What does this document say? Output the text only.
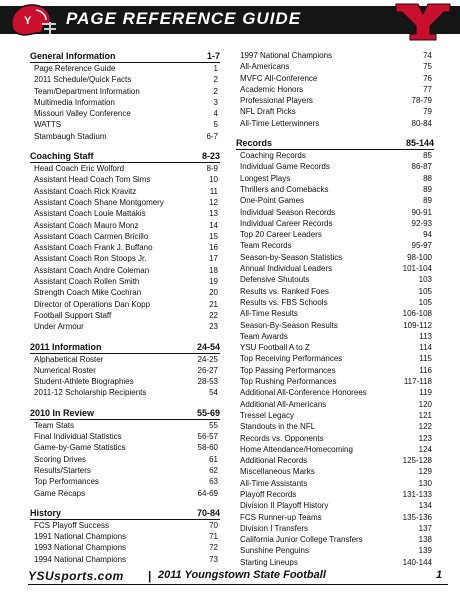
Y PAGE REFERENCE GUIDE
General Information	1-7
Page Reference Guide	1
2011 Schedule/Quick Facts	2
Team/Department Information	2
Multimedia Information	3
Missouri Valley Conference	4
WATTS	5
Stambaugh Stadium	6-7
Coaching Staff	8-23
Head Coach Eric Wolford	8-9
Assistant Head Coach Tom Sims	10
Assistant Coach Rick Kravitz	11
Assistant Coach Shane Montgomery	12
Assistant Coach Louie Mattakis	13
Assistant Coach Mauro Monz	14
Assistant Coach Carmen Bricillo	15
Assistant Coach Frank J. Buffano	16
Assistant Coach Ron Stoops Jr.	17
Assistant Coach Andre Coleman	18
Assistant Coach Rollen Smith	19
Strength Coach Mike Cochran	20
Director of Operations Dan Kopp	21
Football Support Staff	22
Under Armour	23
2011 Information	24-54
Alphabetical Roster	24-25
Numerical Roster	26-27
Student-Athlete Biographies	28-53
2011-12 Scholarship Recipients	54
2010 In Review	55-69
Team Stats	55
Final Individual Statistics	56-57
Game-by-Game Statistics	58-60
Scoring Drives	61
Results/Starters	62
Top Performances	63
Game Recaps	64-69
History	70-84
FCS Playoff Success	70
1991 National Champions	71
1993 National Champions	72
1994 National Champions	73
1997 National Champions	74
All-Americans	75
MVFC All-Conference	76
Academic Honors	77
Professional Players	78-79
NFL Draft Picks	79
All-Time Letterwinners	80-84
Records	85-144
Coaching Records	85
Individual Game Records	86-87
Longest Plays	88
Thrillers and Comebacks	89
One-Point Games	89
Individual Season Records	90-91
Individual Career Records	92-93
Top 20 Career Leaders	94
Team Records	95-97
Season-by-Season Statistics	98-100
Annual Individual Leaders	101-104
Defensive Shutouts	103
Results vs. Ranked Foes	105
Results vs. FBS Schools	105
All-Time Results	106-108
Season-By-Season Results	109-112
Team Awards	113
YSU Football A to Z	114
Top Receiving Performances	115
Top Passing Performances	116
Top Rushing Performances	117-118
Additional All-Conference Honorees	119
Additional All-Americans	120
Tressel Legacy	121
Standouts in the NFL	122
Records vs. Opponents	123
Home Attendance/Homecoming	124
Additional Records	125-128
Miscellaneous Marks	129
All-Time Assistants	130
Playoff Records	131-133
Division II Playoff History	134
FCS Runner-up Teams	135-136
Division I Transfers	137
California Junior College Transfers	138
Sunshine Penguins	139
Starting Lineups	140-144
YSUsports.com | 2011 Youngstown State Football	1
